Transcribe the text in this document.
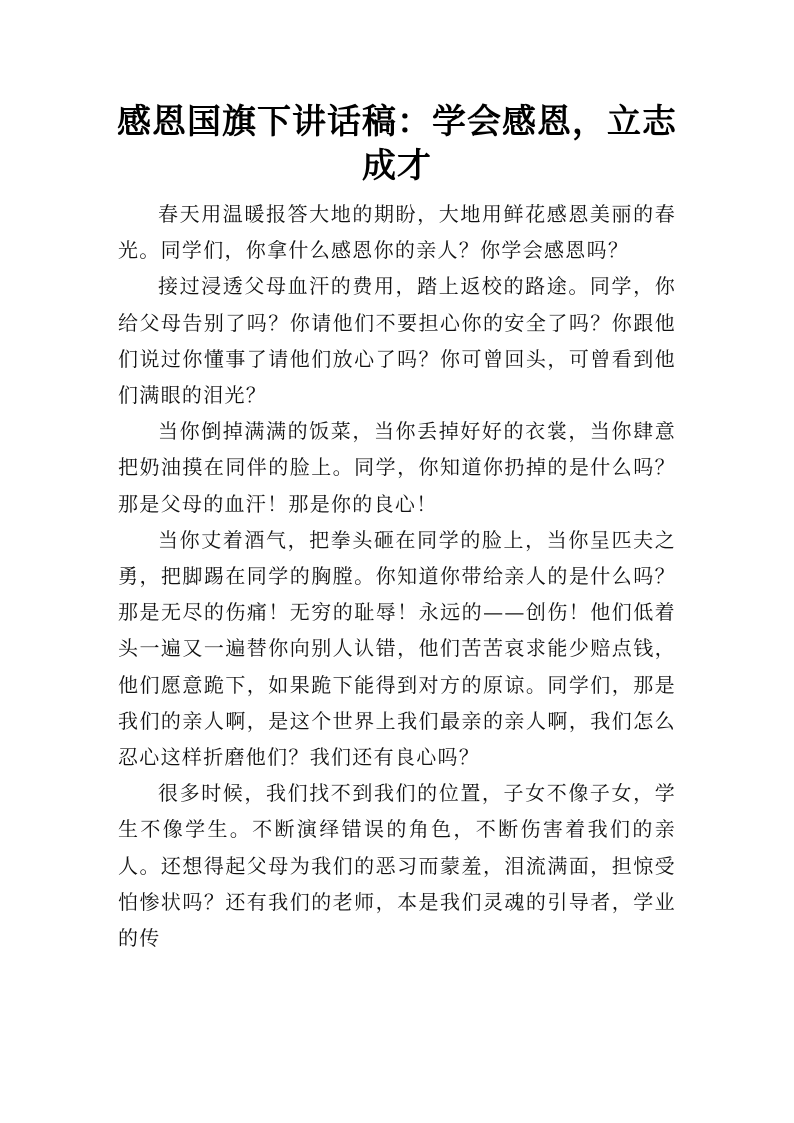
感恩国旗下讲话稿：学会感恩，立志成才

春天用温暖报答大地的期盼，大地用鲜花感恩美丽的春光。同学们，你拿什么感恩你的亲人？你学会感恩吗？

接过浸透父母血汗的费用，踏上返校的路途。同学，你给父母告别了吗？你请他们不要担心你的安全了吗？你跟他们说过你懂事了请他们放心了吗？你可曾回头，可曾看到他们满眼的泪光？

当你倒掉满满的饭菜，当你丢掉好好的衣裳，当你肆意把奶油摸在同伴的脸上。同学，你知道你扔掉的是什么吗？那是父母的血汗！那是你的良心！

当你丈着酒气，把拳头砸在同学的脸上，当你呈匹夫之勇，把脚踢在同学的胸膛。你知道你带给亲人的是什么吗？那是无尽的伤痛！无穷的耻辱！永远的——创伤！他们低着头一遍又一遍替你向别人认错，他们苦苦哀求能少赔点钱，他们愿意跪下，如果跪下能得到对方的原谅。同学们，那是我们的亲人啊，是这个世界上我们最亲的亲人啊，我们怎么忍心这样折磨他们？我们还有良心吗？

很多时候，我们找不到我们的位置，子女不像子女，学生不像学生。不断演绎错误的角色，不断伤害着我们的亲人。还想得起父母为我们的恶习而蒙羞，泪流满面，担惊受怕惨状吗？还有我们的老师，本是我们灵魂的引导者，学业的传
